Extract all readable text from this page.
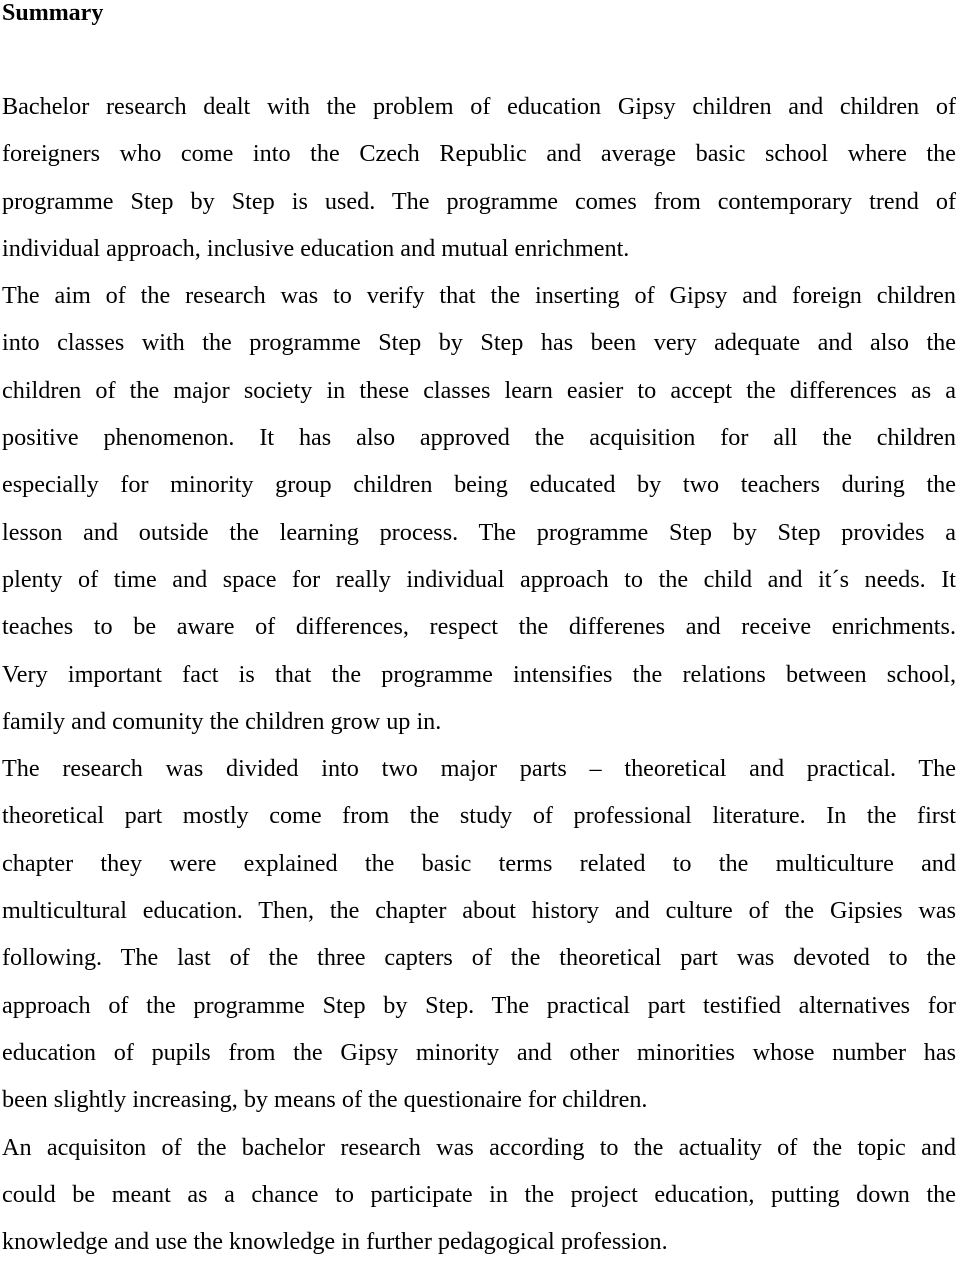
Summary
Bachelor research dealt with the problem of education Gipsy children and children of
foreigners who come into the Czech Republic and average basic school where the
programme Step by Step is used. The programme comes from contemporary trend of
individual approach, inclusive education and mutual enrichment.
The aim of the research was to verify that the inserting of Gipsy and foreign children
into classes with the programme Step by Step has been very adequate and also the
children of the major society in these classes learn easier to accept the differences as a
positive phenomenon. It has also approved the acquisition for all the children
especially for minority group children being educated by two teachers during the
lesson and outside the learning process. The programme Step by Step provides a
plenty of time and space for really individual approach to the child and it´s needs. It
teaches to be aware of differences, respect the differenes and receive enrichments.
Very important fact is that the programme intensifies the relations between school,
family and comunity the children grow up in.
The research was divided into two major parts – theoretical and practical. The
theoretical part mostly come from the study of professional literature. In the first
chapter they were explained the basic terms related to the multiculture and
multicultural education. Then, the chapter about history and culture of the Gipsies was
following. The last of the three capters of the theoretical part was devoted to the
approach of the programme Step by Step. The practical part testified alternatives for
education of pupils from the Gipsy minority and other minorities whose number has
been slightly increasing, by means of the questionaire for children.
An acquisiton of the bachelor research was according to the actuality of the topic and
could be meant as a chance to participate in the project education, putting down the
knowledge and use the knowledge in further pedagogical profession.
